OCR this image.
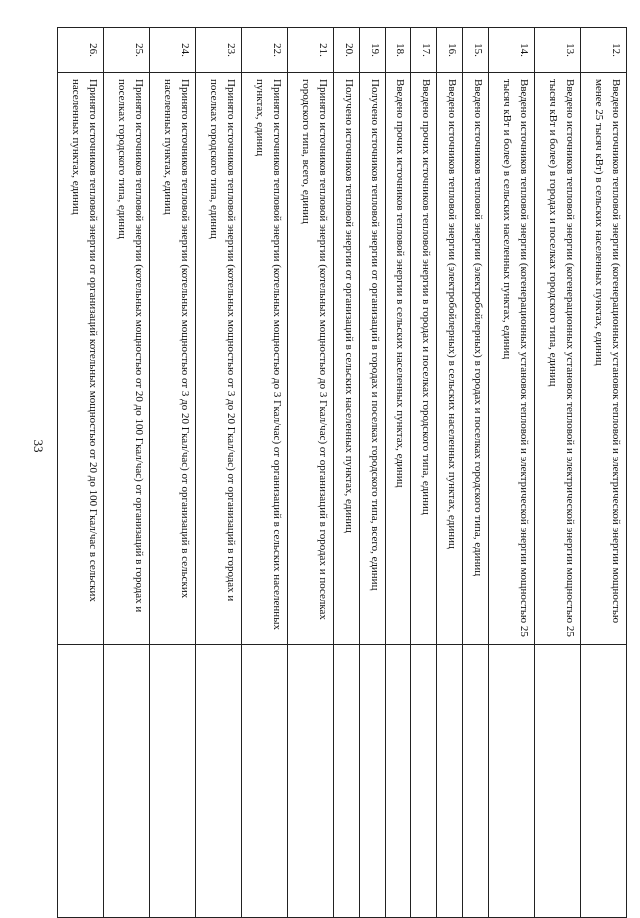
33
12.	Введено источников тепловой энергии (когенерационных установок тепловой и электрической энергии мощностью менее 25 тысяч кВт) в сельских населенных пунктах, единиц	
13.	Введено источников тепловой энергии (когенерационных установок тепловой и электрической энергии мощностью 25 тысяч кВт и более) в городах и поселках городского типа, единиц	
14.	Введено источников тепловой энергии (когенерационных установок тепловой и электрической энергии мощностью 25 тысяч кВт и более) в сельских населенных пунктах, единиц	
15.	Введено источников тепловой энергии (электробойлерных) в городах и поселках городского типа, единиц	
16.	Введено источников тепловой энергии (электробойлерных) в сельских населенных пунктах, единиц	
17.	Введено прочих источников тепловой энергии в городах и поселках городского типа, единиц	
18.	Введено прочих источников тепловой энергии в сельских населенных пунктах, единиц	
19.	Получено источников тепловой энергии от организаций в городах и поселках городского типа, всего, единиц	
20.	Получено источников тепловой энергии от организаций в сельских населенных пунктах, единиц	
21.	Принято источников тепловой энергии (котельных мощностью до 3 Гкал/час) от организаций в городах и поселках городского типа, всего, единиц	
22.	Принято источников тепловой энергии (котельных мощностью до 3 Гкал/час) от организаций в сельских населенных пунктах, единиц	
23.	Принято источников тепловой энергии (котельных мощностью от 3 до 20 Гкал/час) от организаций в городах и поселках городского типа, единиц	
24.	Принято источников тепловой энергии (котельных мощностью от 3 до 20 Гкал/час) от организаций в сельских населенных пунктах, единиц	
25.	Принято источников тепловой энергии (котельных мощностью от 20 до 100 Гкал/час) от организаций в городах и поселках городского типа, единиц	
26.	Принято источников тепловой энергии от организаций котельных мощностью от 20 до 100 Гкал/час в сельских населенных пунктах, единиц	
